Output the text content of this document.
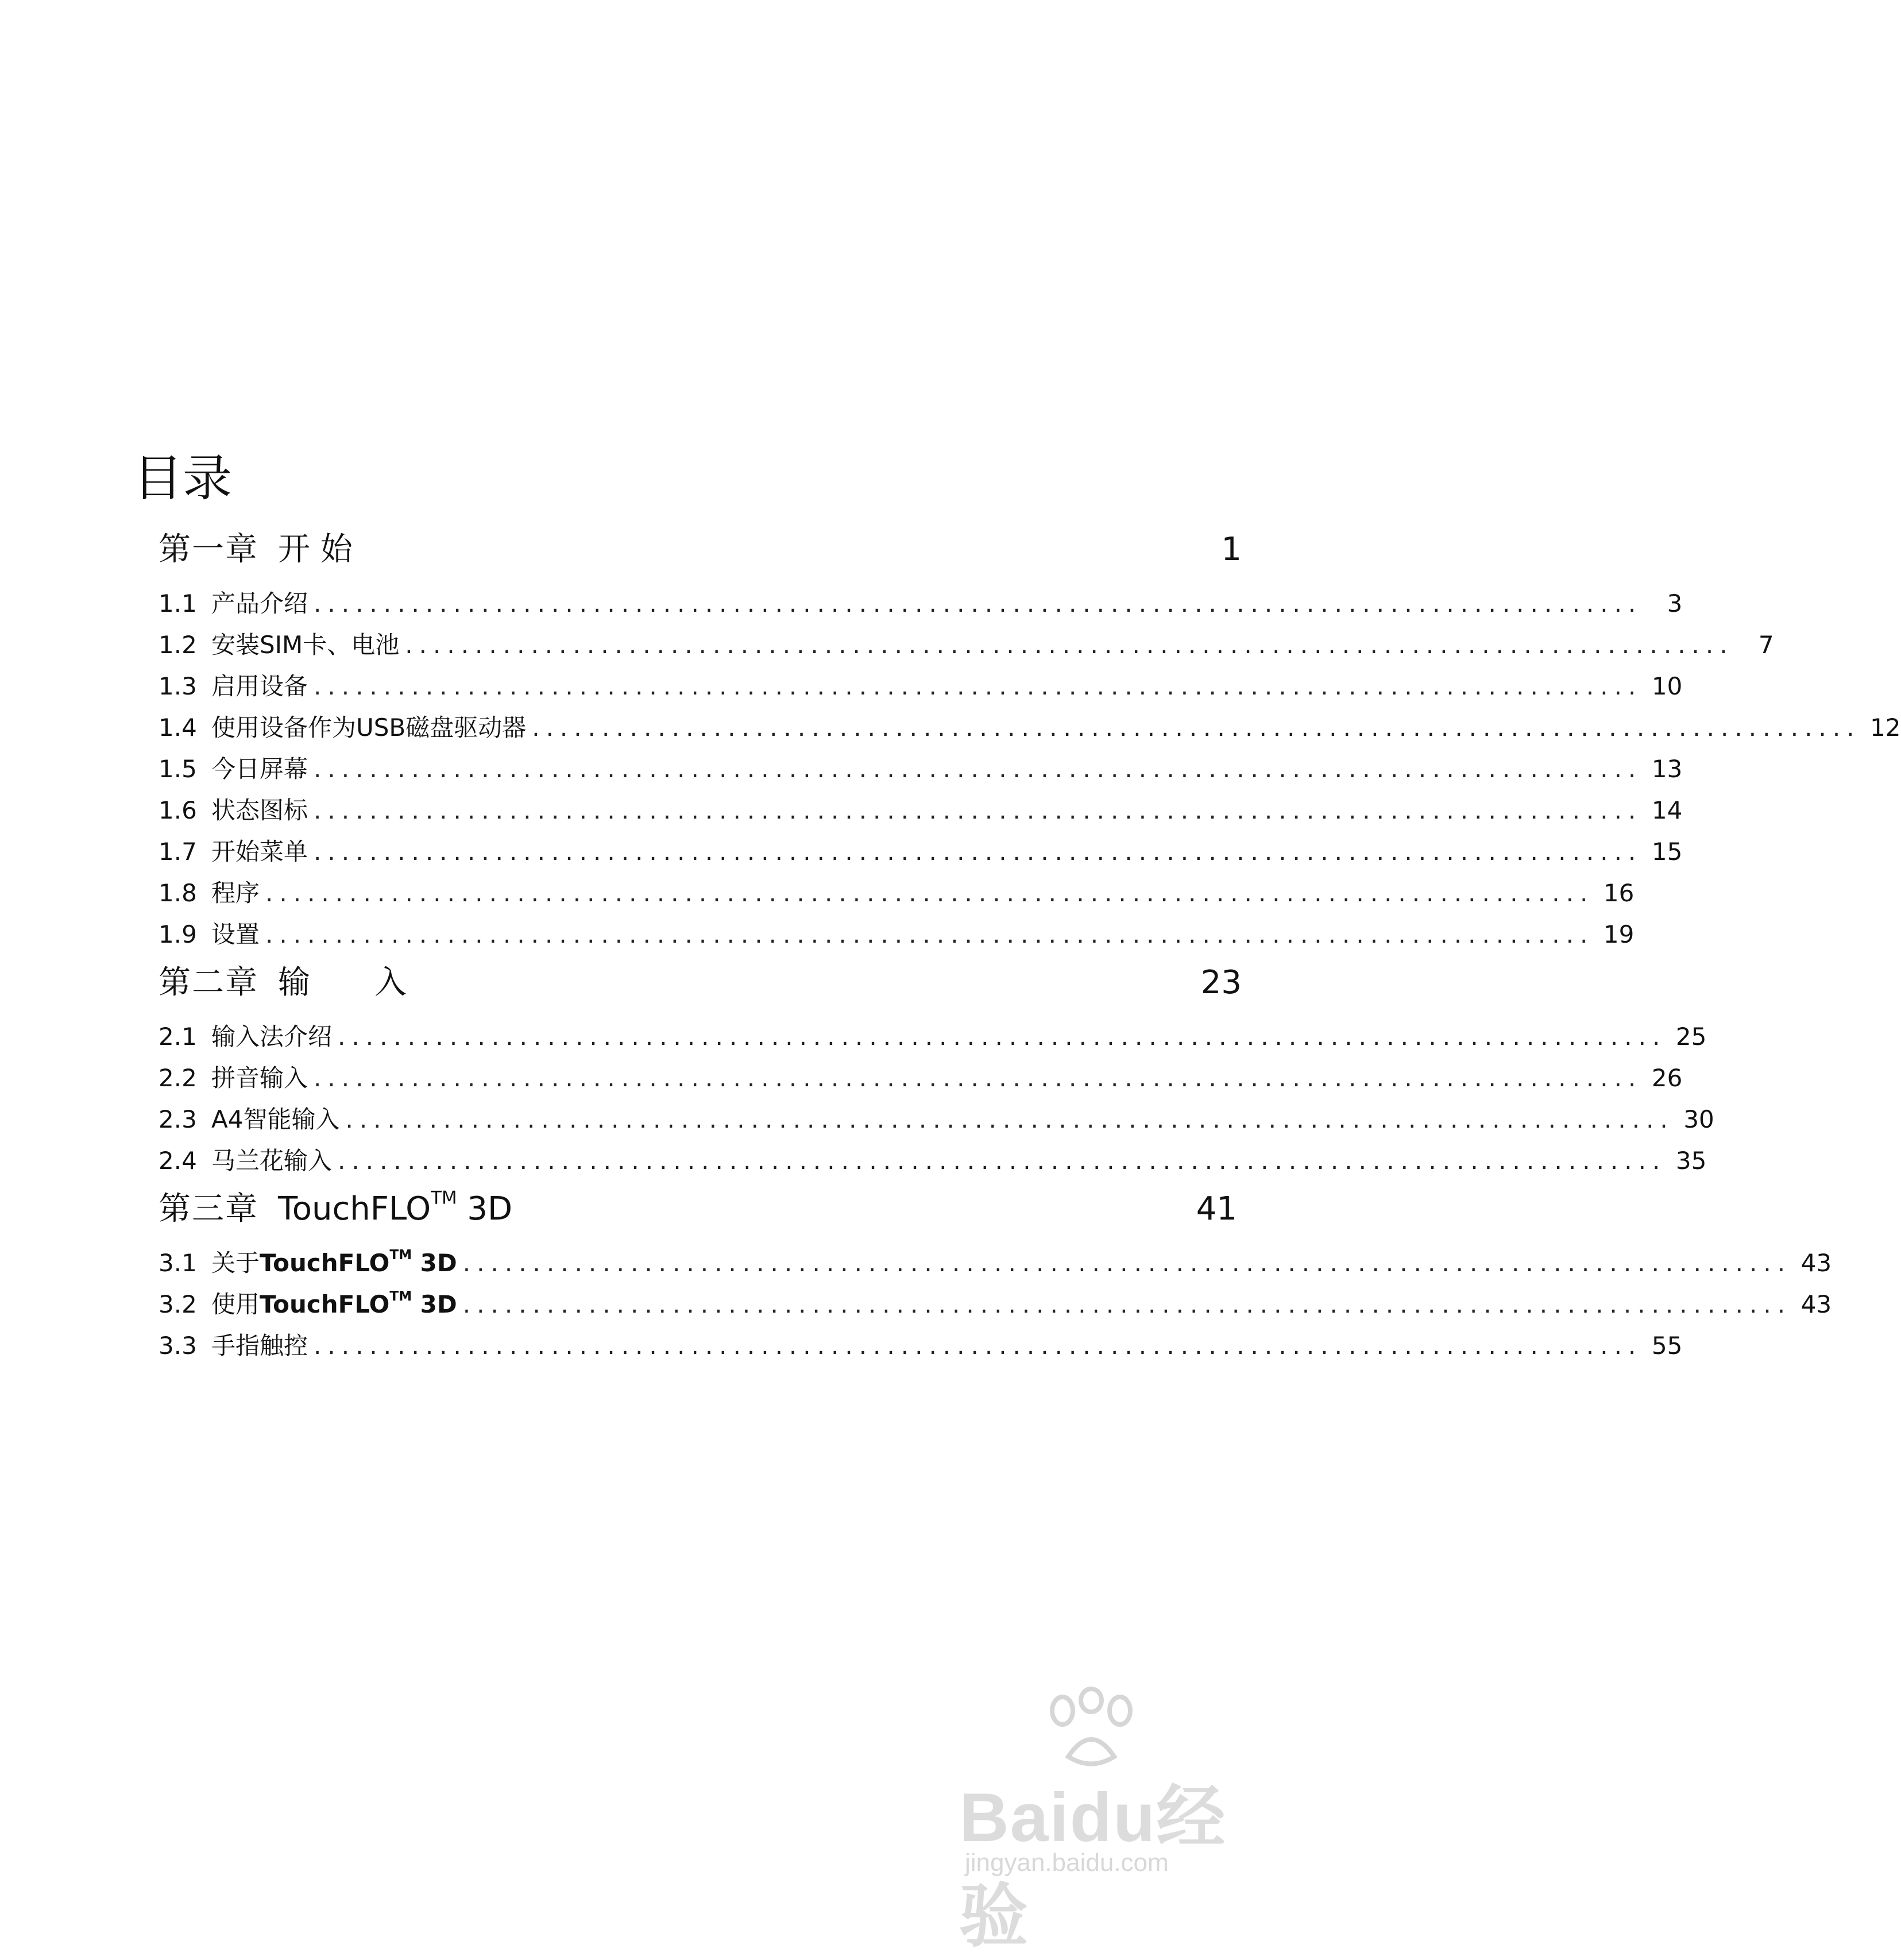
目录
第一章 开 始	1
1.1 产品介绍 ...............................................................................................	3
1.2 安装SIM卡、电池 ...............................................................................................	7
1.3 启用设备 ............................................................................................... 10
1.4 使用设备作为USB磁盘驱动器 ............................................................................................... 12
1.5 今日屏幕 ............................................................................................... 13
1.6 状态图标 ............................................................................................... 14
1.7 开始菜单 ............................................................................................... 15
1.8 程序 ............................................................................................... 16
1.9 设置 ............................................................................................... 19
第二章 输　　入	23
2.1 输入法介绍 ............................................................................................... 25
2.2 拼音输入 ............................................................................................... 26
2.3 A4智能输入 ............................................................................................... 30
2.4 马兰花输入 ............................................................................................... 35
第三章 TouchFLO™ 3D	41
3.1 关于TouchFLO™ 3D ............................................................................................... 43
3.2 使用TouchFLO™ 3D ............................................................................................... 43
3.3 手指触控 ............................................................................................... 55
Baidu经验
jingyan.baidu.com
